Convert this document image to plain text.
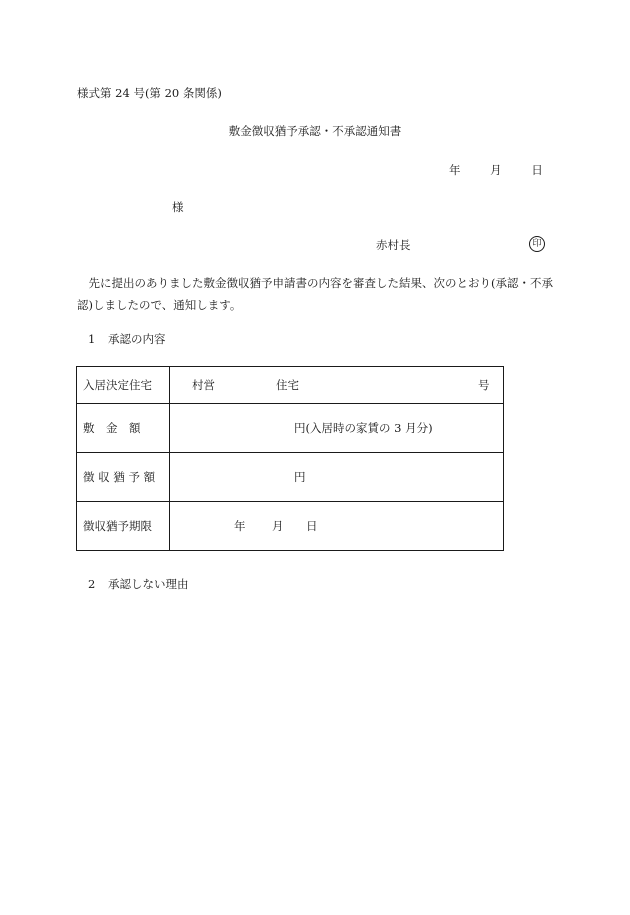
様式第 24 号(第 20 条関係)
敷金徴収猶予承認・不承認通知書
年	月	日
様
赤村長	印
先に提出のありました敷金徴収猶予申請書の内容を審査した結果、次のとおり(承認・不承認)しましたので、通知します。
1 承認の内容
入居決定住宅	村営 住宅 号

敷　金　額	円(入居時の家賃の 3 月分)

徴 収 猶 予 額	円

徴収猶予期限	年 月 日
2 承認しない理由
